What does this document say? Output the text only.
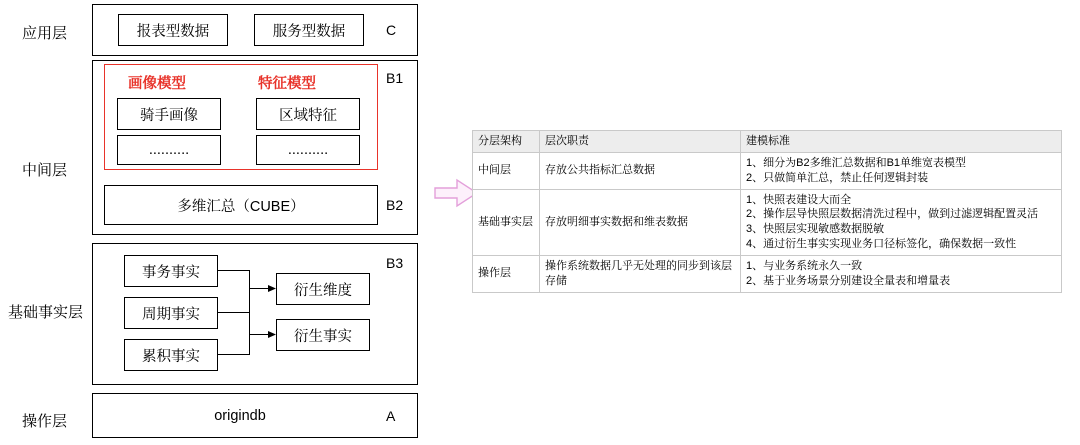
应用层
中间层
基础事实层
操作层
报表型数据	服务型数据	C
画像模型	特征模型	B1
骑手画像
..........
区域特征
..........
多维汇总（CUBE）	B2
B3
事务事实
周期事实
累积事实
衍生维度
衍生事实
origindb	A
分层架构	层次职责	建模标准
中间层	存放公共指标汇总数据	
1、细分为B2多维汇总数据和B1单维宽表模型
2、只做简单汇总，禁止任何逻辑封装

基础事实层	存放明细事实数据和维表数据	
1、快照表建设大而全
2、操作层导快照层数据清洗过程中，做到过滤逻辑配置灵活
3、快照层实现敏感数据脱敏
4、通过衍生事实实现业务口径标签化，确保数据一致性

操作层	操作系统数据几乎无处理的同步到该层存储	
1、与业务系统永久一致
2、基于业务场景分别建设全量表和增量表
